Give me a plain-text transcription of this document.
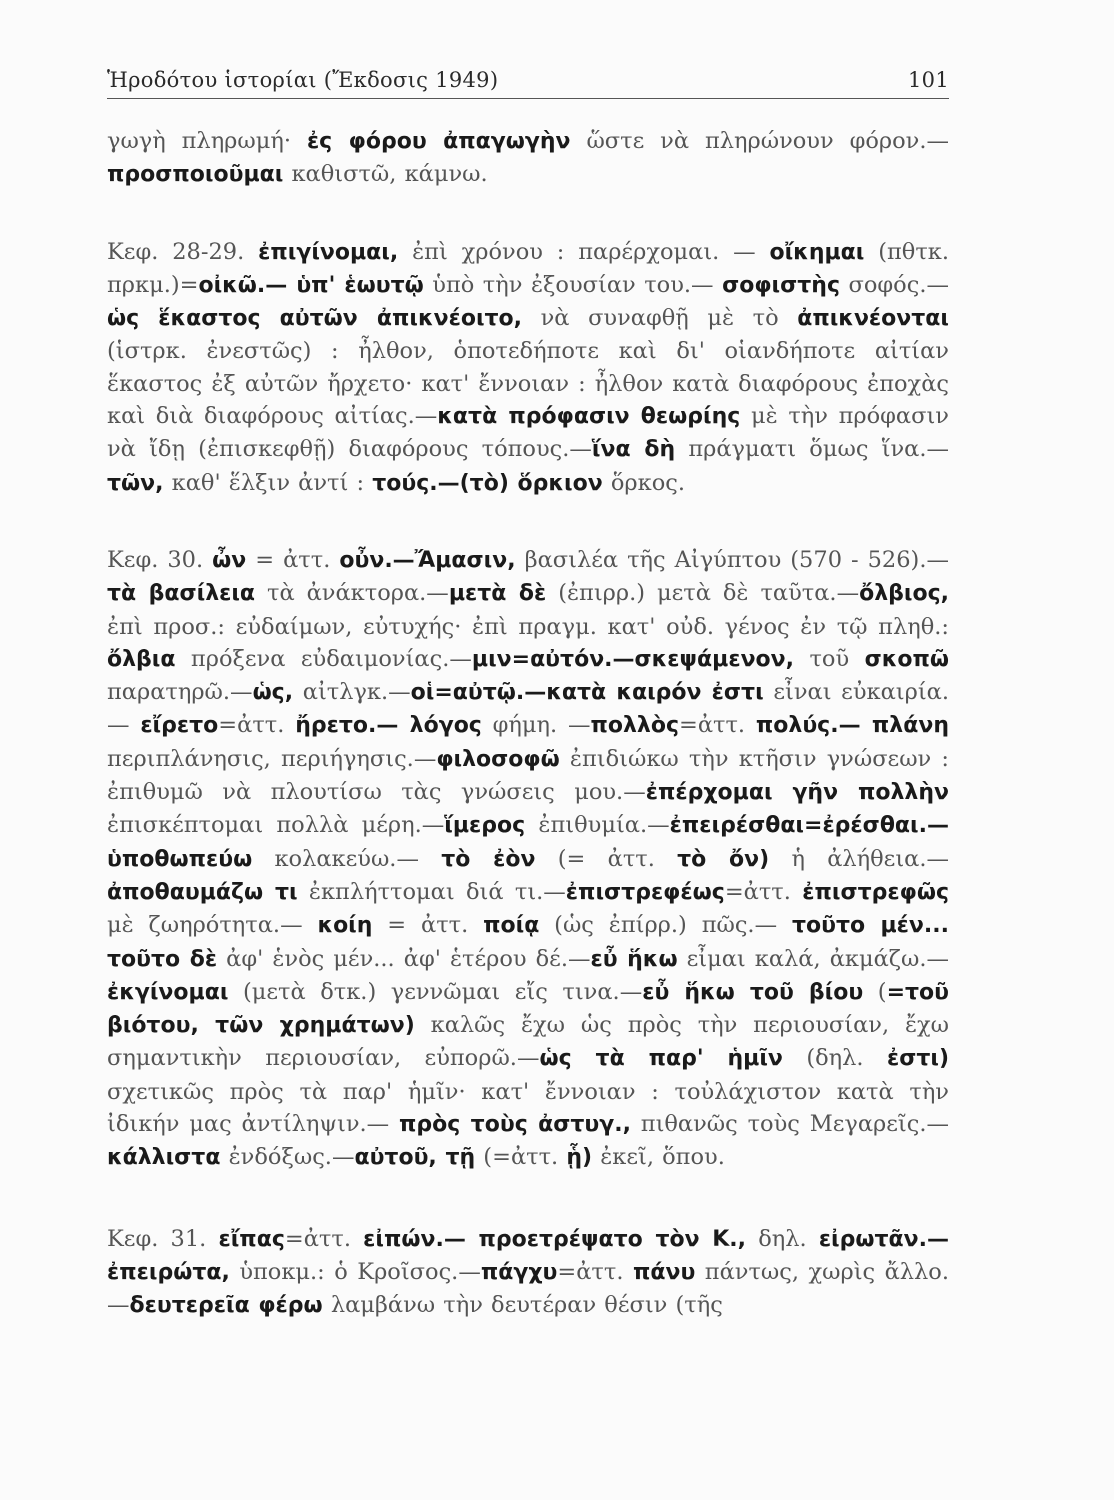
Ἡροδότου ἱστορίαι (Ἔκδοσις 1949)	101

γωγὴ πληρωμή· ἐς φόρου ἀπαγωγὴν ὥστε νὰ πληρώνουν φόρον.— προσποιοῦμαι καθιστῶ, κάμνω.

Κεφ. 28-29. ἐπιγίνομαι, ἐπὶ χρόνου : παρέρχομαι. — οἴκημαι (πθτκ. πρκμ.)=οἰκῶ.— ὑπ' ἑωυτῷ ὑπὸ τὴν ἐξουσίαν του.— σοφιστὴς σοφός.—ὡς ἕκαστος αὐτῶν ἀπικνέοιτο, νὰ συναφθῇ μὲ τὸ ἀπικνέονται (ἱστρκ. ἐνεστῶς) : ἦλθον, ὁποτεδήποτε καὶ δι' οἱανδήποτε αἰτίαν ἕκαστος ἐξ αὐτῶν ἤρχετο· κατ' ἔννοιαν : ἦλθον κατὰ διαφόρους ἐποχὰς καὶ διὰ διαφόρους αἰτίας.—κατὰ πρόφασιν θεωρίης μὲ τὴν πρόφασιν νὰ ἴδῃ (ἐπισκεφθῇ) διαφόρους τόπους.—ἵνα δὴ πράγματι ὅμως ἵνα.—τῶν, καθ' ἕλξιν ἀντί : τούς.—(τὸ) ὅρκιον ὅρκος.

Κεφ. 30. ὦν = ἀττ. οὖν.—Ἄμασιν, βασιλέα τῆς Αἰγύπτου (570 - 526).—τὰ βασίλεια τὰ ἀνάκτορα.—μετὰ δὲ (ἐπιρρ.) μετὰ δὲ ταῦτα.—ὄλβιος, ἐπὶ προσ.: εὐδαίμων, εὐτυχής· ἐπὶ πραγμ. κατ' οὐδ. γένος ἐν τῷ πληθ.: ὄλβια πρόξενα εὐδαιμονίας.—μιν=αὐτόν.—σκεψάμενον, τοῦ σκοπῶ παρατηρῶ.—ὡς, αἰτλγκ.—οἱ=αὐτῷ.—κατὰ καιρόν ἐστι εἶναι εὐκαιρία.— εἴρετο=ἀττ. ἤρετο.— λόγος φήμη. —πολλὸς=ἀττ. πολύς.— πλάνη περιπλάνησις, περιήγησις.—φιλοσοφῶ ἐπιδιώκω τὴν κτῆσιν γνώσεων : ἐπιθυμῶ νὰ πλουτίσω τὰς γνώσεις μου.—ἐπέρχομαι γῆν πολλὴν ἐπισκέπτομαι πολλὰ μέρη.—ἵμερος ἐπιθυμία.—ἐπειρέσθαι=ἐρέσθαι.—ὑποθωπεύω κολακεύω.— τὸ ἐὸν (= ἀττ. τὸ ὄν) ἡ ἀλήθεια.— ἀποθαυμάζω τι ἐκπλήττομαι διά τι.—ἐπιστρεφέως=ἀττ. ἐπιστρεφῶς μὲ ζωηρότητα.— κοίη = ἀττ. ποίᾳ (ὡς ἐπίρρ.) πῶς.— τοῦτο μέν... τοῦτο δὲ ἀφ' ἑνὸς μέν... ἀφ' ἑτέρου δέ.—εὖ ἥκω εἶμαι καλά, ἀκμάζω.—ἐκγίνομαι (μετὰ δτκ.) γεννῶμαι εἴς τινα.—εὖ ἥκω τοῦ βίου (=τοῦ βιότου, τῶν χρημάτων) καλῶς ἔχω ὡς πρὸς τὴν περιουσίαν, ἔχω σημαντικὴν περιουσίαν, εὐπορῶ.—ὡς τὰ παρ' ἡμῖν (δηλ. ἐστι) σχετικῶς πρὸς τὰ παρ' ἡμῖν· κατ' ἔννοιαν : τοὐλάχιστον κατὰ τὴν ἰδικήν μας ἀντίληψιν.— πρὸς τοὺς ἀστυγ., πιθανῶς τοὺς Μεγαρεῖς.—κάλλιστα ἐνδόξως.—αὐτοῦ, τῇ (=ἀττ. ᾗ) ἐκεῖ, ὅπου.

Κεφ. 31. εἴπας=ἀττ. εἰπών.— προετρέψατο τὸν Κ., δηλ. εἰρωτᾶν.—ἐπειρώτα, ὑποκμ.: ὁ Κροῖσος.—πάγχυ=ἀττ. πάνυ πάντως, χωρὶς ἄλλο.—δευτερεῖα φέρω λαμβάνω τὴν δευτέραν θέσιν (τῆς
